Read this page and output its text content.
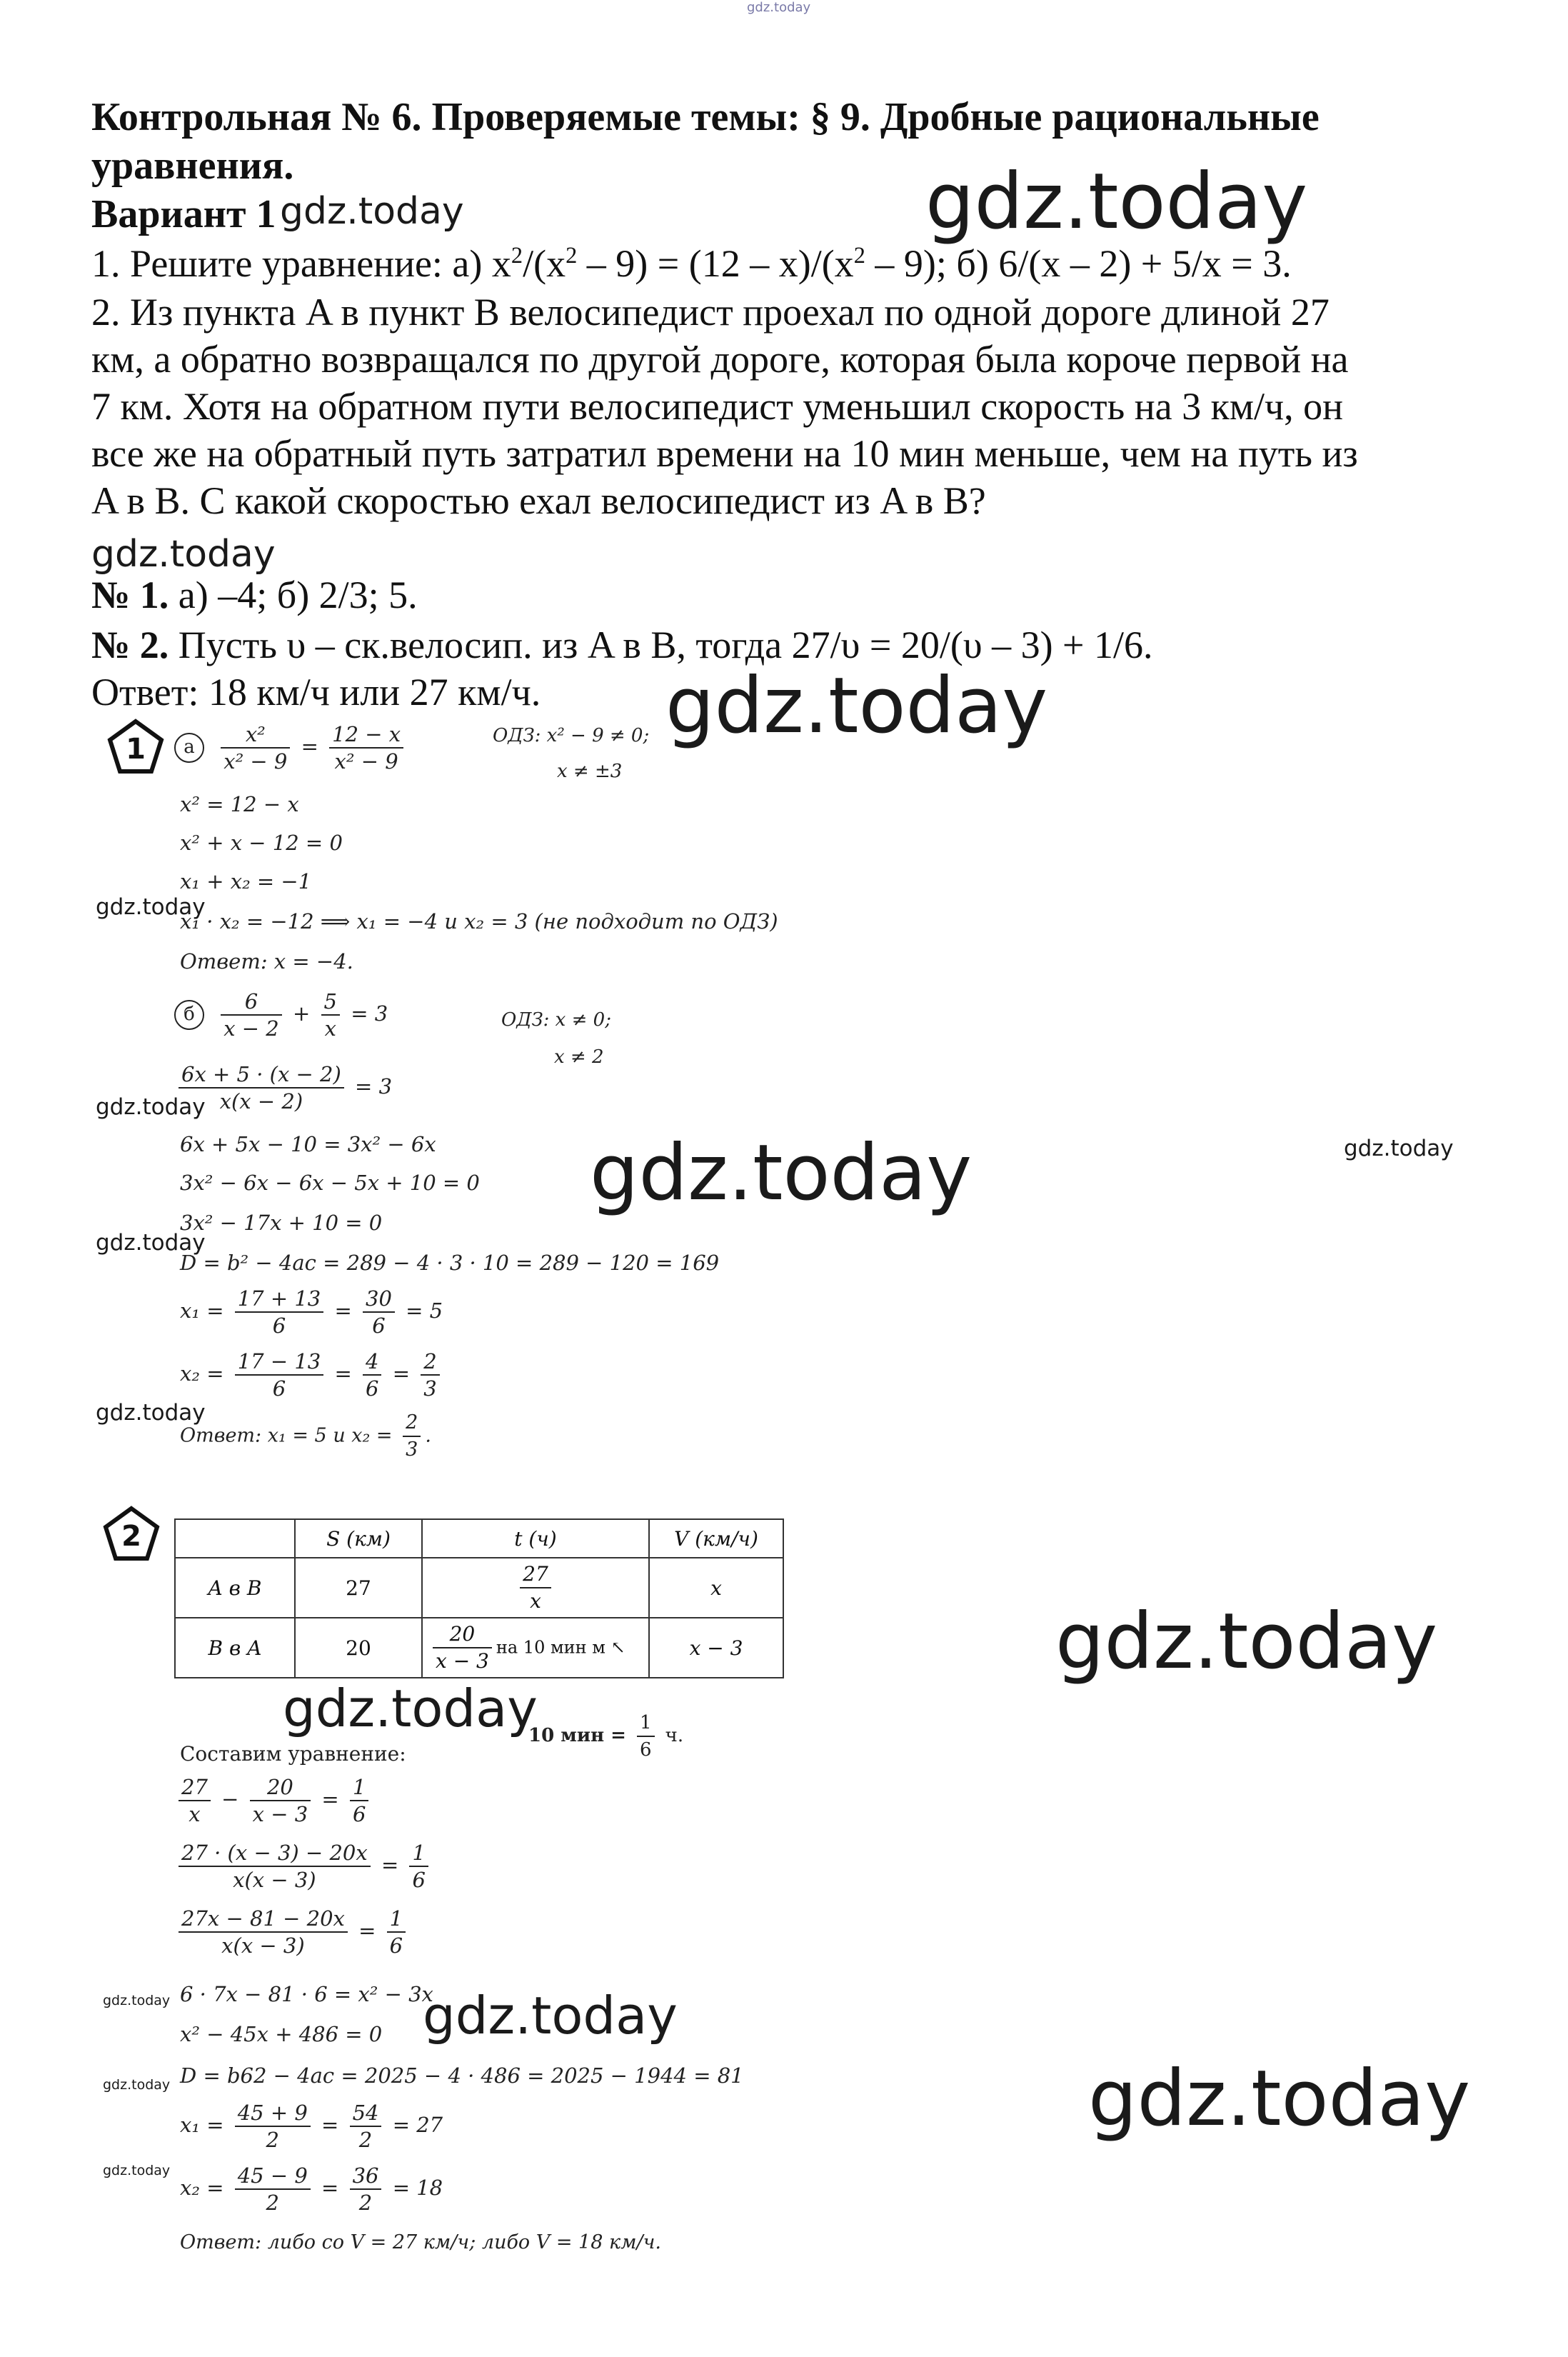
gdz.today
Контрольная № 6. Проверяемые темы: § 9. Дробные рациональные
уравнения.
Вариант 1
1. Решите уравнение: а) $x^2/(x^2 - 9) = (12 - x)/(x^2 - 9)$; б) 6/(x – 2) + 5/x = 3.
2. Из пункта A в пункт B велосипедист проехал по одной дороге длиной 27
км, а обратно возвращался по другой дороге, которая была короче первой на
7 км. Хотя на обратном пути велосипедист уменьшил скорость на 3 км/ч, он
все же на обратный путь затратил времени на 10 мин меньше, чем на путь из
A в B. С какой скоростью ехал велосипедист из A в B?
№ 1. а) –4; б) 2/3; 5.
№ 2. Пусть υ – ск.велосип. из A в B, тогда 27/υ = 20/(υ – 3) + 1/6.
Ответ: 18 км/ч или 27 км/ч.
1	а $\frac{\text{x²}}{\text{x² − 9}} = \frac{12 - x}{\text{x² − 9}}$	ОДЗ: x² − 9 ≠ 0;
x ≠ ±3
x² = 12 − x
x² + x − 12 = 0
x₁ + x₂ = −1
x₁ · x₂ = −12 ⟹ x₁ = −4 и x₂ = 3 (не подходит по ОДЗ)
Ответ: x = −4.
б $\frac{6}{x - 2} + \frac{5}{x} = 3$	ОДЗ: x ≠ 0;
x ≠ 2
$\frac{6x + 5 \cdot (x - 2)}{x(x - 2)} = 3$
6x + 5x − 10 = 3x² − 6x
3x² − 6x − 6x − 5x + 10 = 0
3x² − 17x + 10 = 0
D = b² − 4ac = 289 − 4 · 3 · 10 = 289 − 120 = 169
$x_1 = \frac{17 + 13}{6} = \frac{30}{6} = 5$
$x_2 = \frac{17 - 13}{6} = \frac{4}{6} = \frac{2}{3}$
Ответ: x₁ = 5 и $x_2 = \frac{2}{3}$ .
2
		S (км)	t (ч)	V (км/ч)
A в B	27	$\frac{27}{x}$	x
B в A	20	$\frac{20}{x - 3}$ на 10 мин м ↖	x − 3
10 мин = $\frac{1}{6} ч$.
Составим уравнение:
$\frac{27}{x} - \frac{20}{x - 3} = \frac{1}{6}$
$\frac{27 \cdot (x - 3) - 20x}{x(x - 3)} = \frac{1}{6}$
$\frac{27x - 81 - 20x}{x(x - 3)} = \frac{1}{6}$
6 · 7x − 81 · 6 = x² − 3x
x² − 45x + 486 = 0
D = b62 − 4ac = 2025 − 4 · 486 = 2025 − 1944 = 81
$x_1 = \frac{45 + 9}{2} = \frac{54}{2} = 27$
$x_2 = \frac{45 - 9}{2} = \frac{36}{2} = 18$
Ответ: либо со V = 27 км/ч; либо V = 18 км/ч.
gdz.today	gdz.today
gdz.today
gdz.today
gdz.today
gdz.today
gdz.today	gdz.today
gdz.today
gdz.today
gdz.today
gdz.today
gdz.today	gdz.today
gdz.today	gdz.today
gdz.today
